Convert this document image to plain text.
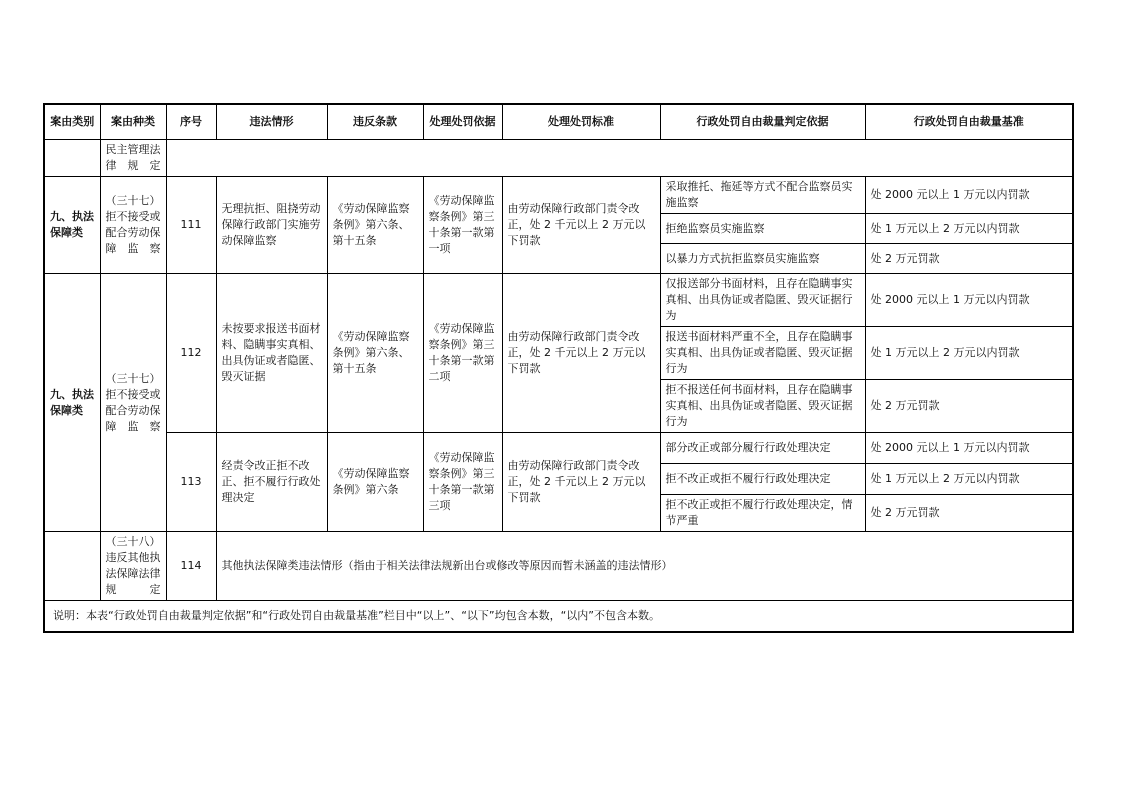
案由类别	案由种类	序号	违法情形	违反条款	处理处罚依据	处理处罚标准	行政处罚自由裁量判定依据	行政处罚自由裁量基准
	民主管理法律规定							
九、执法保障类	（三十七）拒不接受或配合劳动保障监察	111	无理抗拒、阻挠劳动保障行政部门实施劳动保障监察	《劳动保障监察条例》第六条、第十五条	《劳动保障监察条例》第三十条第一款第一项	由劳动保障行政部门责令改正，处 2 千元以上 2 万元以下罚款	采取推托、拖延等方式不配合监察员实施监察	处 2000 元以上 1 万元以内罚款
							拒绝监察员实施监察	处 1 万元以上 2 万元以内罚款
							以暴力方式抗拒监察员实施监察	处 2 万元罚款
九、执法保障类	（三十七）拒不接受或配合劳动保障监察	112	未按要求报送书面材料、隐瞒事实真相、出具伪证或者隐匿、毁灭证据	《劳动保障监察条例》第六条、第十五条	《劳动保障监察条例》第三十条第一款第二项	由劳动保障行政部门责令改正，处 2 千元以上 2 万元以下罚款	仅报送部分书面材料，且存在隐瞒事实真相、出具伪证或者隐匿、毁灭证据行为	处 2000 元以上 1 万元以内罚款
							报送书面材料严重不全，且存在隐瞒事实真相、出具伪证或者隐匿、毁灭证据行为	处 1 万元以上 2 万元以内罚款
							拒不报送任何书面材料，且存在隐瞒事实真相、出具伪证或者隐匿、毁灭证据行为	处 2 万元罚款
		113	经责令改正拒不改正、拒不履行行政处理决定	《劳动保障监察条例》第六条	《劳动保障监察条例》第三十条第一款第三项	由劳动保障行政部门责令改正，处 2 千元以上 2 万元以下罚款	部分改正或部分履行行政处理决定	处 2000 元以上 1 万元以内罚款
							拒不改正或拒不履行行政处理决定	处 1 万元以上 2 万元以内罚款
							拒不改正或拒不履行行政处理决定，情节严重	处 2 万元罚款
	（三十八）违反其他执法保障法律规定	114	其他执法保障类违法情形（指由于相关法律法规新出台或修改等原因而暂未涵盖的违法情形）					
说明：本表“行政处罚自由裁量判定依据”和“行政处罚自由裁量基准”栏目中“以上”、“以下”均包含本数，“以内”不包含本数。								
